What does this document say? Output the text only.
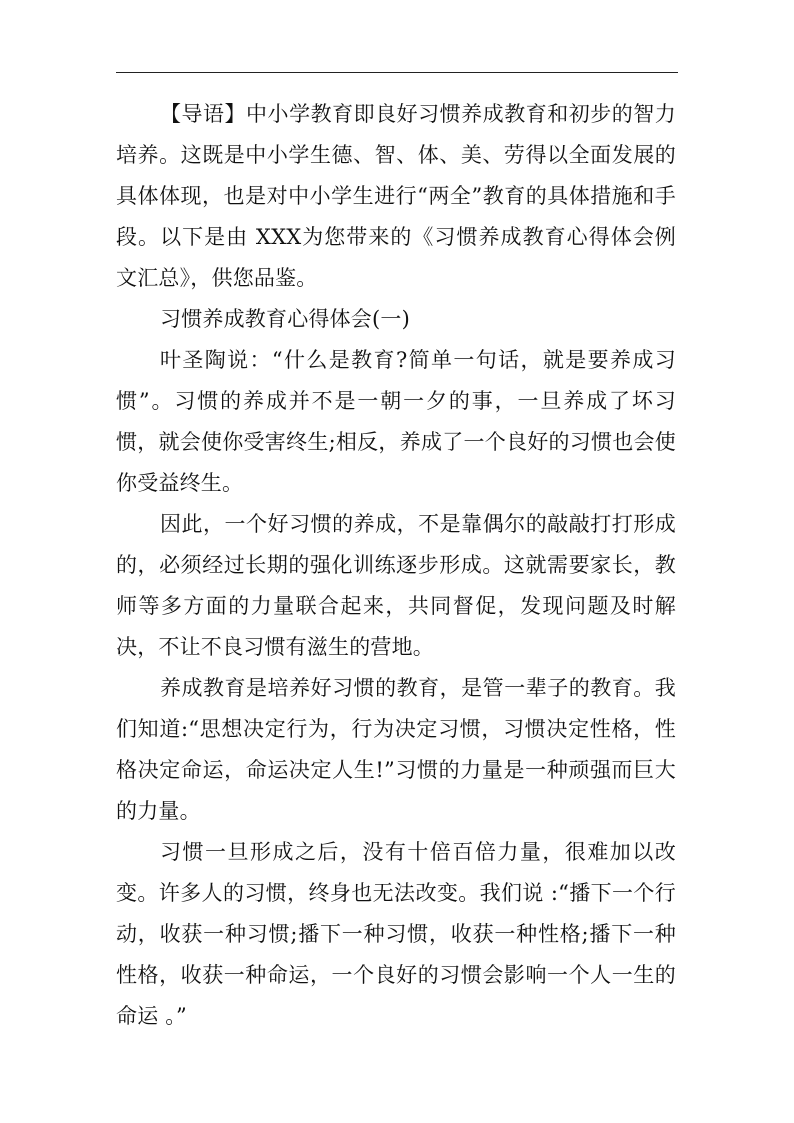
【导语】中小学教育即良好习惯养成教育和初步的智力培养。这既是中小学生德、智、体、美、劳得以全面发展的具体体现，也是对中小学生进行“两全”教育的具体措施和手段。以下是由 XXX为您带来的《习惯养成教育心得体会例文汇总》，供您品鉴。

习惯养成教育心得体会(一)

叶圣陶说：“什么是教育?简单一句话，就是要养成习惯”。习惯的养成并不是一朝一夕的事，一旦养成了坏习惯，就会使你受害终生;相反，养成了一个良好的习惯也会使你受益终生。

因此，一个好习惯的养成，不是靠偶尔的敲敲打打形成的，必须经过长期的强化训练逐步形成。这就需要家长，教师等多方面的力量联合起来，共同督促，发现问题及时解决，不让不良习惯有滋生的营地。

养成教育是培养好习惯的教育，是管一辈子的教育。我们知道:“思想决定行为，行为决定习惯，习惯决定性格，性格决定命运，命运决定人生!”习惯的力量是一种顽强而巨大的力量。

习惯一旦形成之后，没有十倍百倍力量，很难加以改变。许多人的习惯，终身也无法改变。我们说 :“播下一个行动，收获一种习惯;播下一种习惯，收获一种性格;播下一种性格，收获一种命运，一个良好的习惯会影响一个人一生的命运 。”
